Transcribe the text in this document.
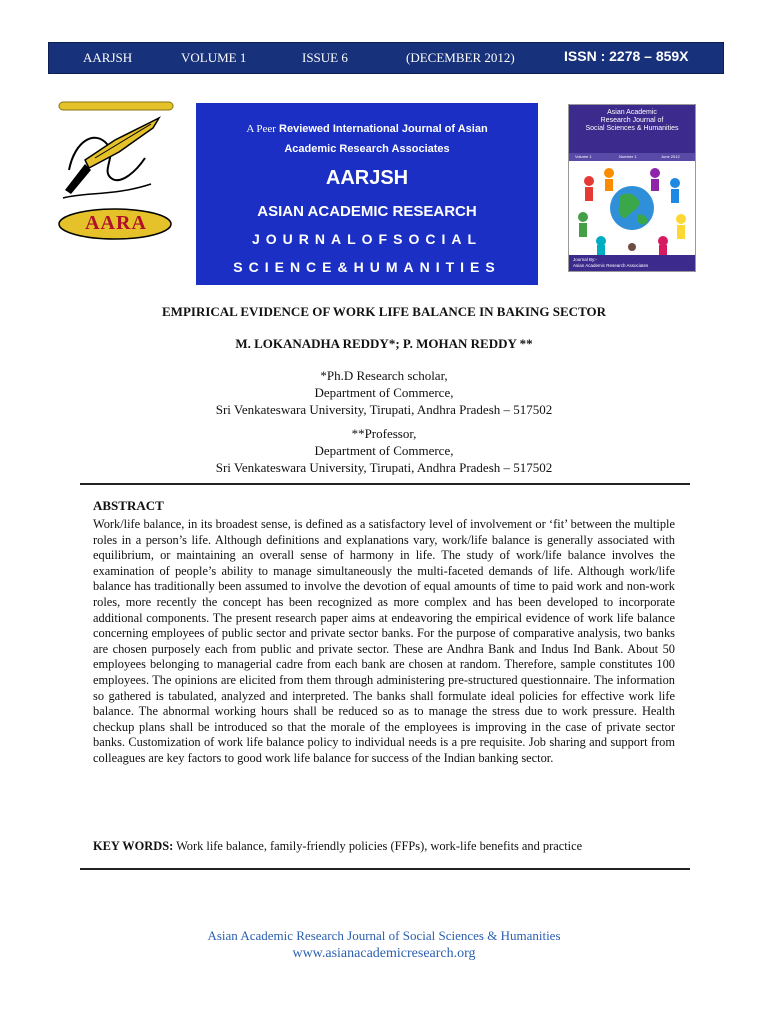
AARJSH	VOLUME 1	ISSUE 6	(DECEMBER 2012)	ISSN : 2278 – 859X
AARA
A Peer Reviewed International Journal of Asian
Academic Research Associates
AARJSH
ASIAN ACADEMIC RESEARCH
JOURNALOFSOCIAL
SCIENCE&HUMANITIES
Asian Academic
Research Journal of
Social Sciences & Humanities
Volume 1	Number 1	June 2012
Journal By:-
Asian Academic Research Associates
EMPIRICAL EVIDENCE OF WORK LIFE BALANCE IN BAKING SECTOR
M. LOKANADHA REDDY*; P. MOHAN REDDY **
*Ph.D Research scholar,
Department of Commerce,
Sri Venkateswara University, Tirupati, Andhra Pradesh – 517502
**Professor,
Department of Commerce,
Sri Venkateswara University, Tirupati, Andhra Pradesh – 517502
ABSTRACT

Work/life balance, in its broadest sense, is defined as a satisfactory level of involvement or ‘fit’ between the multiple roles in a person’s life. Although definitions and explanations vary, work/life balance is generally associated with equilibrium, or maintaining an overall sense of harmony in life. The study of work/life balance involves the examination of people’s ability to manage simultaneously the multi-faceted demands of life. Although work/life balance has traditionally been assumed to involve the devotion of equal amounts of time to paid work and non-work roles, more recently the concept has been recognized as more complex and has been developed to incorporate additional components. The present research paper aims at endeavoring the empirical evidence of work life balance concerning employees of public sector and private sector banks. For the purpose of comparative analysis, two banks are chosen purposely each from public and private sector. These are Andhra Bank and Indus Ind Bank. About 50 employees belonging to managerial cadre from each bank are chosen at random. Therefore, sample constitutes 100 employees. The opinions are elicited from them through administering pre-structured questionnaire. The information so gathered is tabulated, analyzed and interpreted. The banks shall formulate ideal policies for effective work life balance. The abnormal working hours shall be reduced so as to manage the stress due to work pressure. Health checkup plans shall be introduced so that the morale of the employees is improving in the case of private sector banks. Customization of work life balance policy to individual needs is a pre requisite. Job sharing and support from colleagues are key factors to good work life balance for success of the Indian banking sector.

KEY WORDS: Work life balance, family-friendly policies (FFPs), work-life benefits and practice
Asian Academic Research Journal of Social Sciences & Humanities
www.asianacademicresearch.org
